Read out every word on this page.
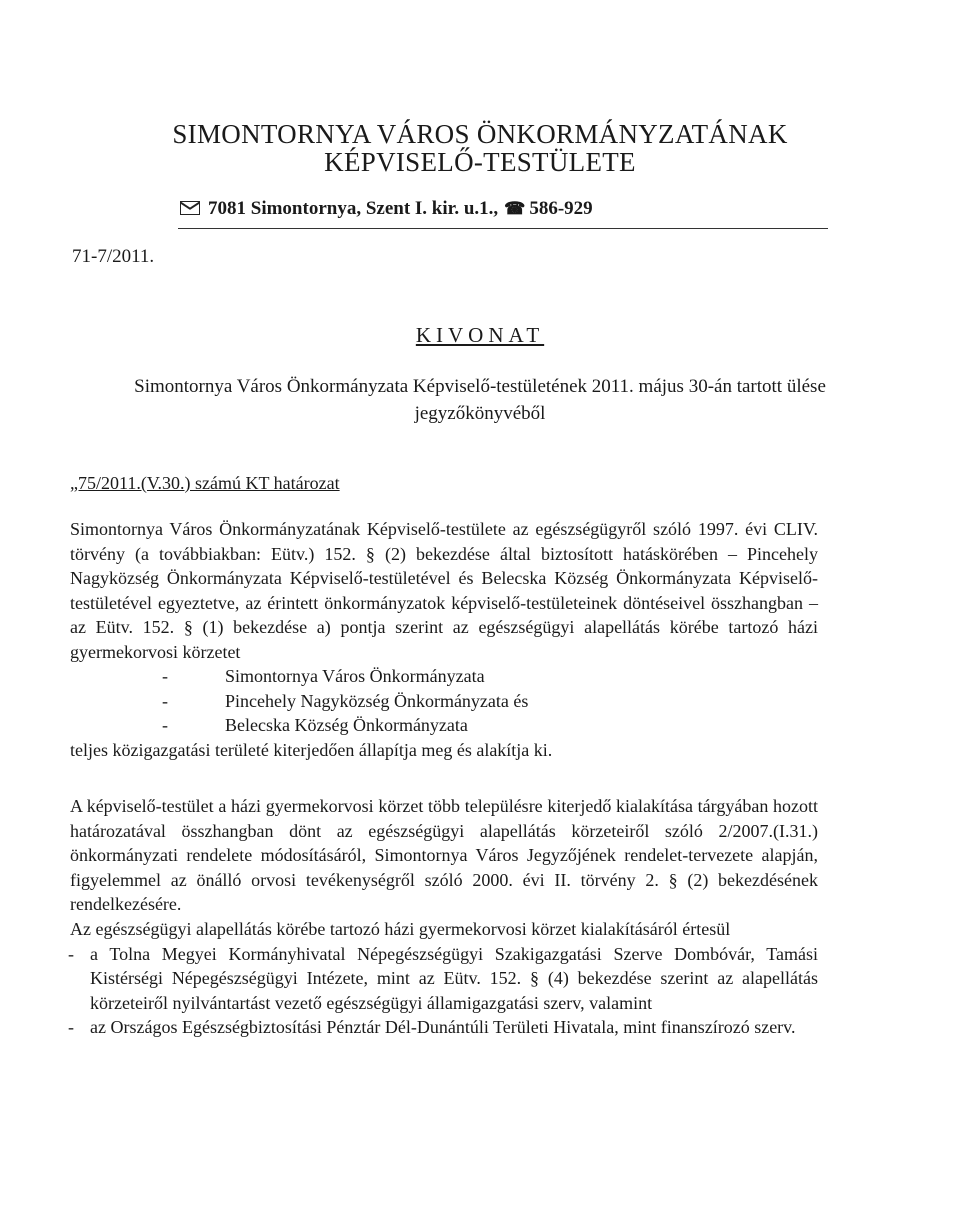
SIMONTORNYA VÁROS ÖNKORMÁNYZATÁNAK
KÉPVISELŐ-TESTÜLETE
7081 Simontornya, Szent I. kir. u.1., ☎ 586-929
71-7/2011.
KIVONAT
Simontornya Város Önkormányzata Képviselő-testületének 2011. május 30-án tartott ülése
jegyzőkönyvéből
„75/2011.(V.30.) számú KT határozat

Simontornya Város Önkormányzatának Képviselő-testülete az egészségügyről szóló 1997. évi CLIV. törvény (a továbbiakban: Eütv.) 152. § (2) bekezdése által biztosított hatáskörében – Pincehely Nagyközség Önkormányzata Képviselő-testületével és Belecska Község Önkormányzata Képviselő-testületével egyeztetve, az érintett önkormányzatok képviselő-testületeinek döntéseivel összhangban – az Eütv. 152. § (1) bekezdése a) pontja szerint az egészségügyi alapellátás körébe tartozó házi gyermekorvosi körzetet

- Simontornya Város Önkormányzata
- Pincehely Nagyközség Önkormányzata és
- Belecska Község Önkormányzata

teljes közigazgatási területé kiterjedően állapítja meg és alakítja ki.

A képviselő-testület a házi gyermekorvosi körzet több településre kiterjedő kialakítása tárgyában hozott határozatával összhangban dönt az egészségügyi alapellátás körzeteiről szóló 2/2007.(I.31.) önkormányzati rendelete módosításáról, Simontornya Város Jegyzőjének rendelet-tervezete alapján, figyelemmel az önálló orvosi tevékenységről szóló 2000. évi II. törvény 2. § (2) bekezdésének rendelkezésére.

Az egészségügyi alapellátás körébe tartozó házi gyermekorvosi körzet kialakításáról értesül

- a Tolna Megyei Kormányhivatal Népegészségügyi Szakigazgatási Szerve Dombóvár, Tamási Kistérségi Népegészségügyi Intézete, mint az Eütv. 152. § (4) bekezdése szerint az alapellátás körzeteiről nyilvántartást vezető egészségügyi államigazgatási szerv, valamint
- az Országos Egészségbiztosítási Pénztár Dél-Dunántúli Területi Hivatala, mint finanszírozó szerv.
